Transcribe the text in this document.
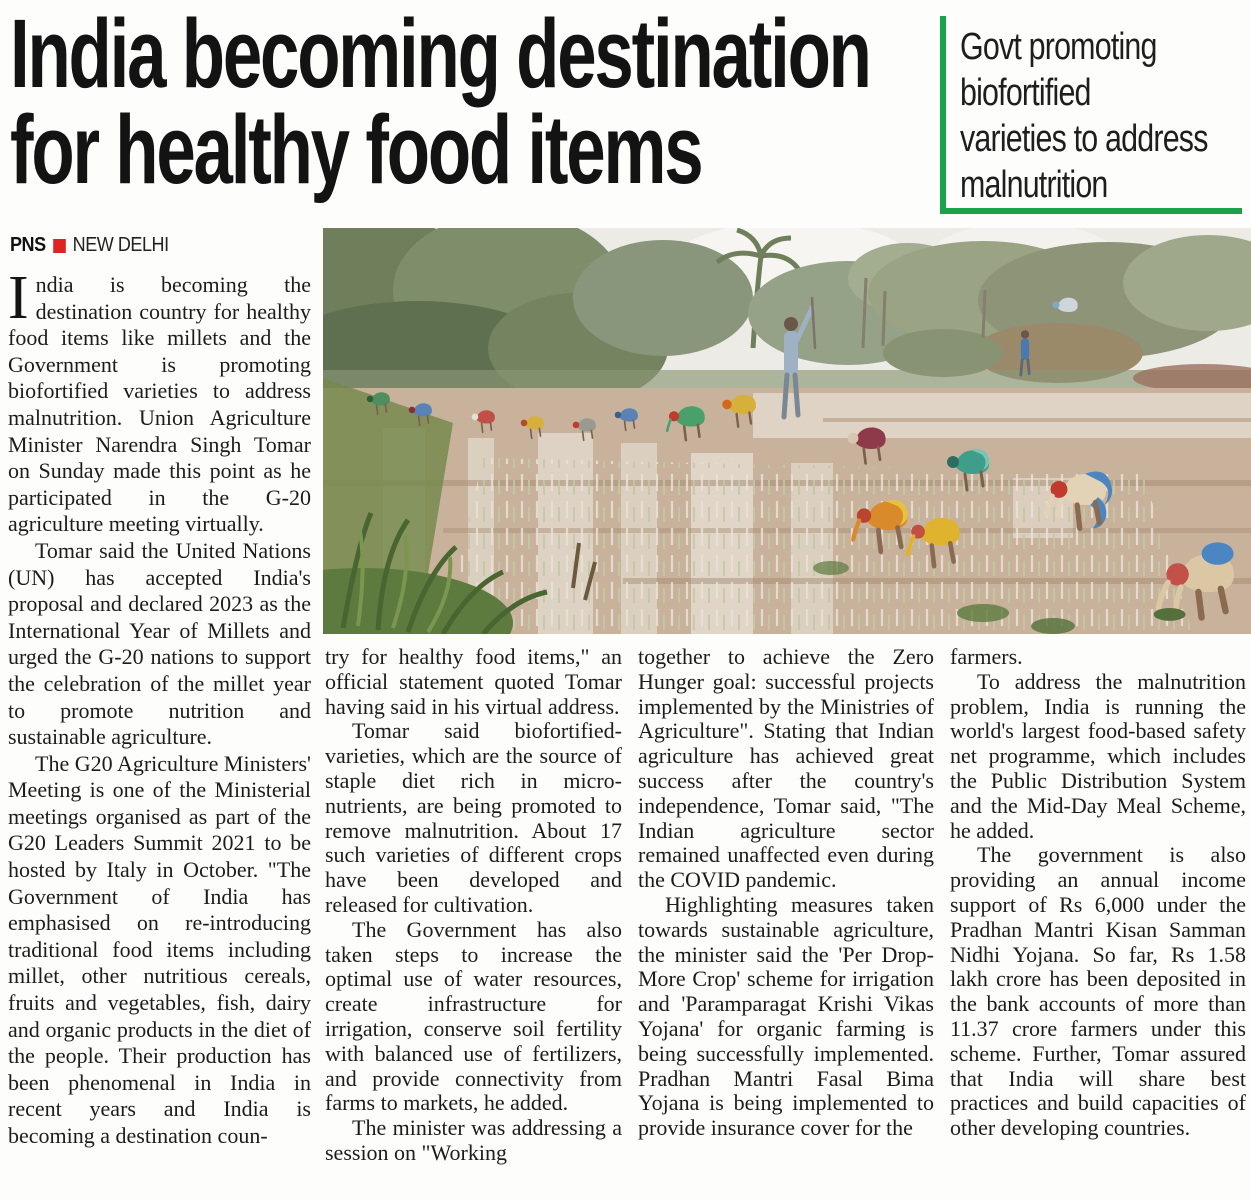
India becoming destination
for healthy food items
Govt promoting
biofortified
varieties to address
malnutrition
PNS NEW DELHI

India is becoming the destination country for healthy food items like millets and the Government is promoting biofortified varieties to address malnutrition. Union Agriculture Minister Narendra Singh Tomar on Sunday made this point as he participated in the G-20 agriculture meeting virtually.

Tomar said the United Nations (UN) has accepted India's proposal and declared 2023 as the International Year of Millets and urged the G-20 nations to support the celebration of the millet year to promote nutrition and sustainable agriculture.

The G20 Agriculture Ministers' Meeting is one of the Ministerial meetings organised as part of the G20 Leaders Summit 2021 to be hosted by Italy in October. "The Government of India has emphasised on re-introducing traditional food items including millet, other nutritious cereals, fruits and vegetables, fish, dairy and organic products in the diet of the people. Their production has been phenomenal in India in recent years and India is becoming a destination coun-

try for healthy food items," an official statement quoted Tomar having said in his virtual address.

Tomar said biofortified-varieties, which are the source of staple diet rich in micro-nutrients, are being promoted to remove malnutrition. About 17 such varieties of different crops have been developed and released for cultivation.

The Government has also taken steps to increase the optimal use of water resources, create infrastructure for irrigation, conserve soil fertility with balanced use of fertilizers, and provide connectivity from farms to markets, he added.

The minister was addressing a session on "Working

together to achieve the Zero Hunger goal: successful projects implemented by the Ministries of Agriculture". Stating that Indian agriculture has achieved great success after the country's independence, Tomar said, "The Indian agriculture sector remained unaffected even during the COVID pandemic.

Highlighting measures taken towards sustainable agriculture, the minister said the 'Per Drop-More Crop' scheme for irrigation and 'Paramparagat Krishi Vikas Yojana' for organic farming is being successfully implemented. Pradhan Mantri Fasal Bima Yojana is being implemented to provide insurance cover for the

farmers.

To address the malnutrition problem, India is running the world's largest food-based safety net programme, which includes the Public Distribution System and the Mid-Day Meal Scheme, he added.

The government is also providing an annual income support of Rs 6,000 under the Pradhan Mantri Kisan Samman Nidhi Yojana. So far, Rs 1.58 lakh crore has been deposited in the bank accounts of more than 11.37 crore farmers under this scheme. Further, Tomar assured that India will share best practices and build capacities of other developing countries.
